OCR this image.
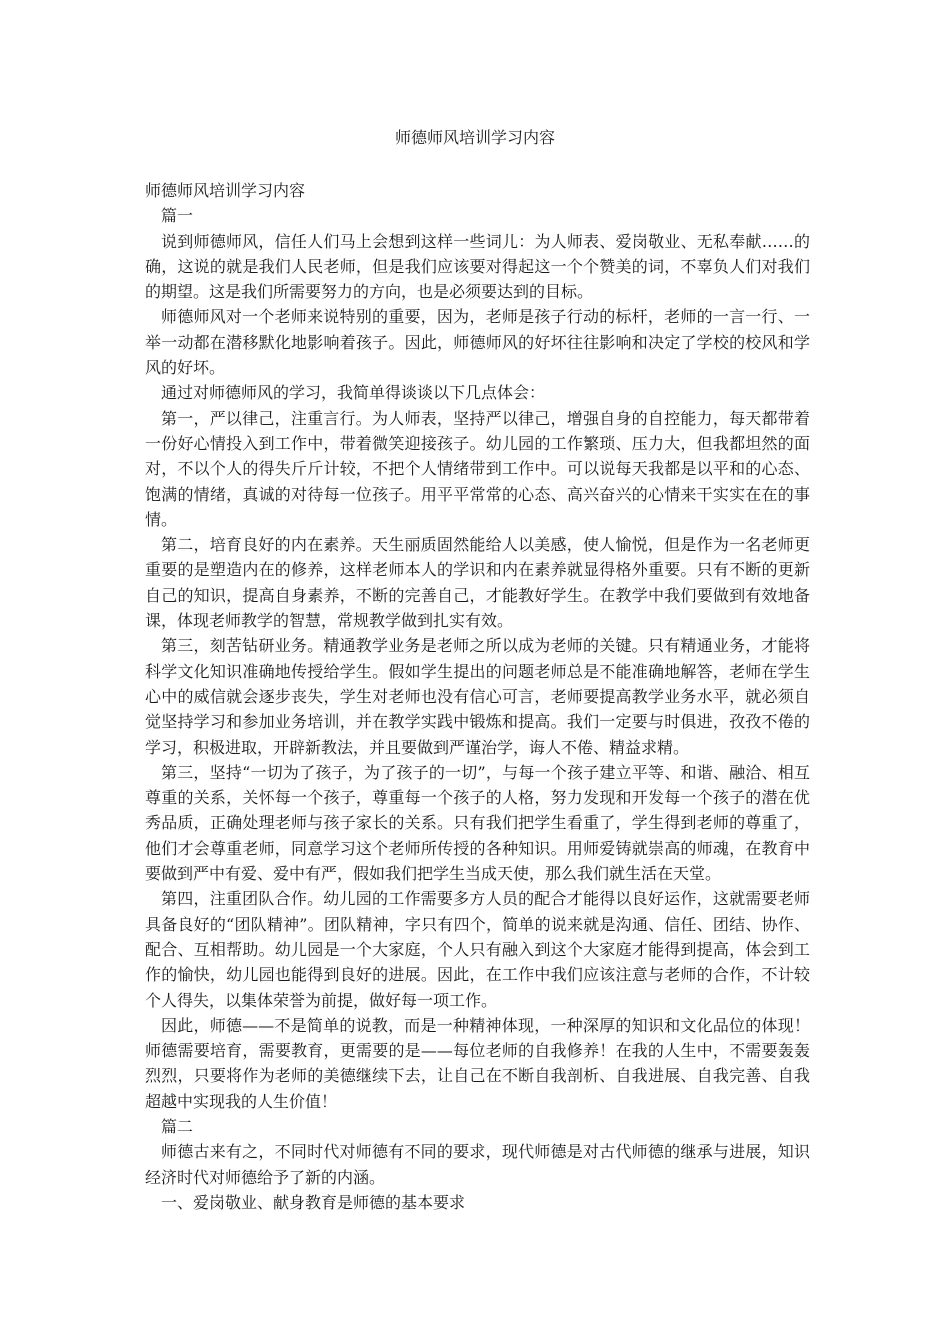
师德师风培训学习内容

师德师风培训学习内容

篇一

说到师德师风，信任人们马上会想到这样一些词儿：为人师表、爱岗敬业、无私奉献……的确，这说的就是我们人民老师，但是我们应该要对得起这一个个赞美的词，不辜负人们对我们的期望。这是我们所需要努力的方向，也是必须要达到的目标。

师德师风对一个老师来说特别的重要，因为，老师是孩子行动的标杆，老师的一言一行、一举一动都在潜移默化地影响着孩子。因此，师德师风的好坏往往影响和决定了学校的校风和学风的好坏。

通过对师德师风的学习，我简单得谈谈以下几点体会：

第一，严以律己，注重言行。为人师表，坚持严以律己，增强自身的自控能力，每天都带着一份好心情投入到工作中，带着微笑迎接孩子。幼儿园的工作繁琐、压力大，但我都坦然的面对，不以个人的得失斤斤计较，不把个人情绪带到工作中。可以说每天我都是以平和的心态、饱满的情绪，真诚的对待每一位孩子。用平平常常的心态、高兴奋兴的心情来干实实在在的事情。

第二，培育良好的内在素养。天生丽质固然能给人以美感，使人愉悦，但是作为一名老师更重要的是塑造内在的修养，这样老师本人的学识和内在素养就显得格外重要。只有不断的更新自己的知识，提高自身素养，不断的完善自己，才能教好学生。在教学中我们要做到有效地备课，体现老师教学的智慧，常规教学做到扎实有效。

第三，刻苦钻研业务。精通教学业务是老师之所以成为老师的关键。只有精通业务，才能将科学文化知识准确地传授给学生。假如学生提出的问题老师总是不能准确地解答，老师在学生心中的威信就会逐步丧失，学生对老师也没有信心可言，老师要提高教学业务水平，就必须自觉坚持学习和参加业务培训，并在教学实践中锻炼和提高。我们一定要与时俱进，孜孜不倦的学习，积极进取，开辟新教法，并且要做到严谨治学，诲人不倦、精益求精。

第三，坚持“一切为了孩子，为了孩子的一切”，与每一个孩子建立平等、和谐、融洽、相互尊重的关系，关怀每一个孩子，尊重每一个孩子的人格，努力发现和开发每一个孩子的潜在优秀品质，正确处理老师与孩子家长的关系。只有我们把学生看重了，学生得到老师的尊重了，他们才会尊重老师，同意学习这个老师所传授的各种知识。用师爱铸就崇高的师魂，在教育中要做到严中有爱、爱中有严，假如我们把学生当成天使，那么我们就生活在天堂。

第四，注重团队合作。幼儿园的工作需要多方人员的配合才能得以良好运作，这就需要老师具备良好的“团队精神”。团队精神，字只有四个，简单的说来就是沟通、信任、团结、协作、配合、互相帮助。幼儿园是一个大家庭，个人只有融入到这个大家庭才能得到提高，体会到工作的愉快，幼儿园也能得到良好的进展。因此，在工作中我们应该注意与老师的合作，不计较个人得失，以集体荣誉为前提，做好每一项工作。

因此，师德——不是简单的说教，而是一种精神体现，一种深厚的知识和文化品位的体现！师德需要培育，需要教育，更需要的是——每位老师的自我修养！在我的人生中，不需要轰轰烈烈，只要将作为老师的美德继续下去，让自己在不断自我剖析、自我进展、自我完善、自我超越中实现我的人生价值！

篇二

师德古来有之，不同时代对师德有不同的要求，现代师德是对古代师德的继承与进展，知识经济时代对师德给予了新的内涵。

一、爱岗敬业、献身教育是师德的基本要求
